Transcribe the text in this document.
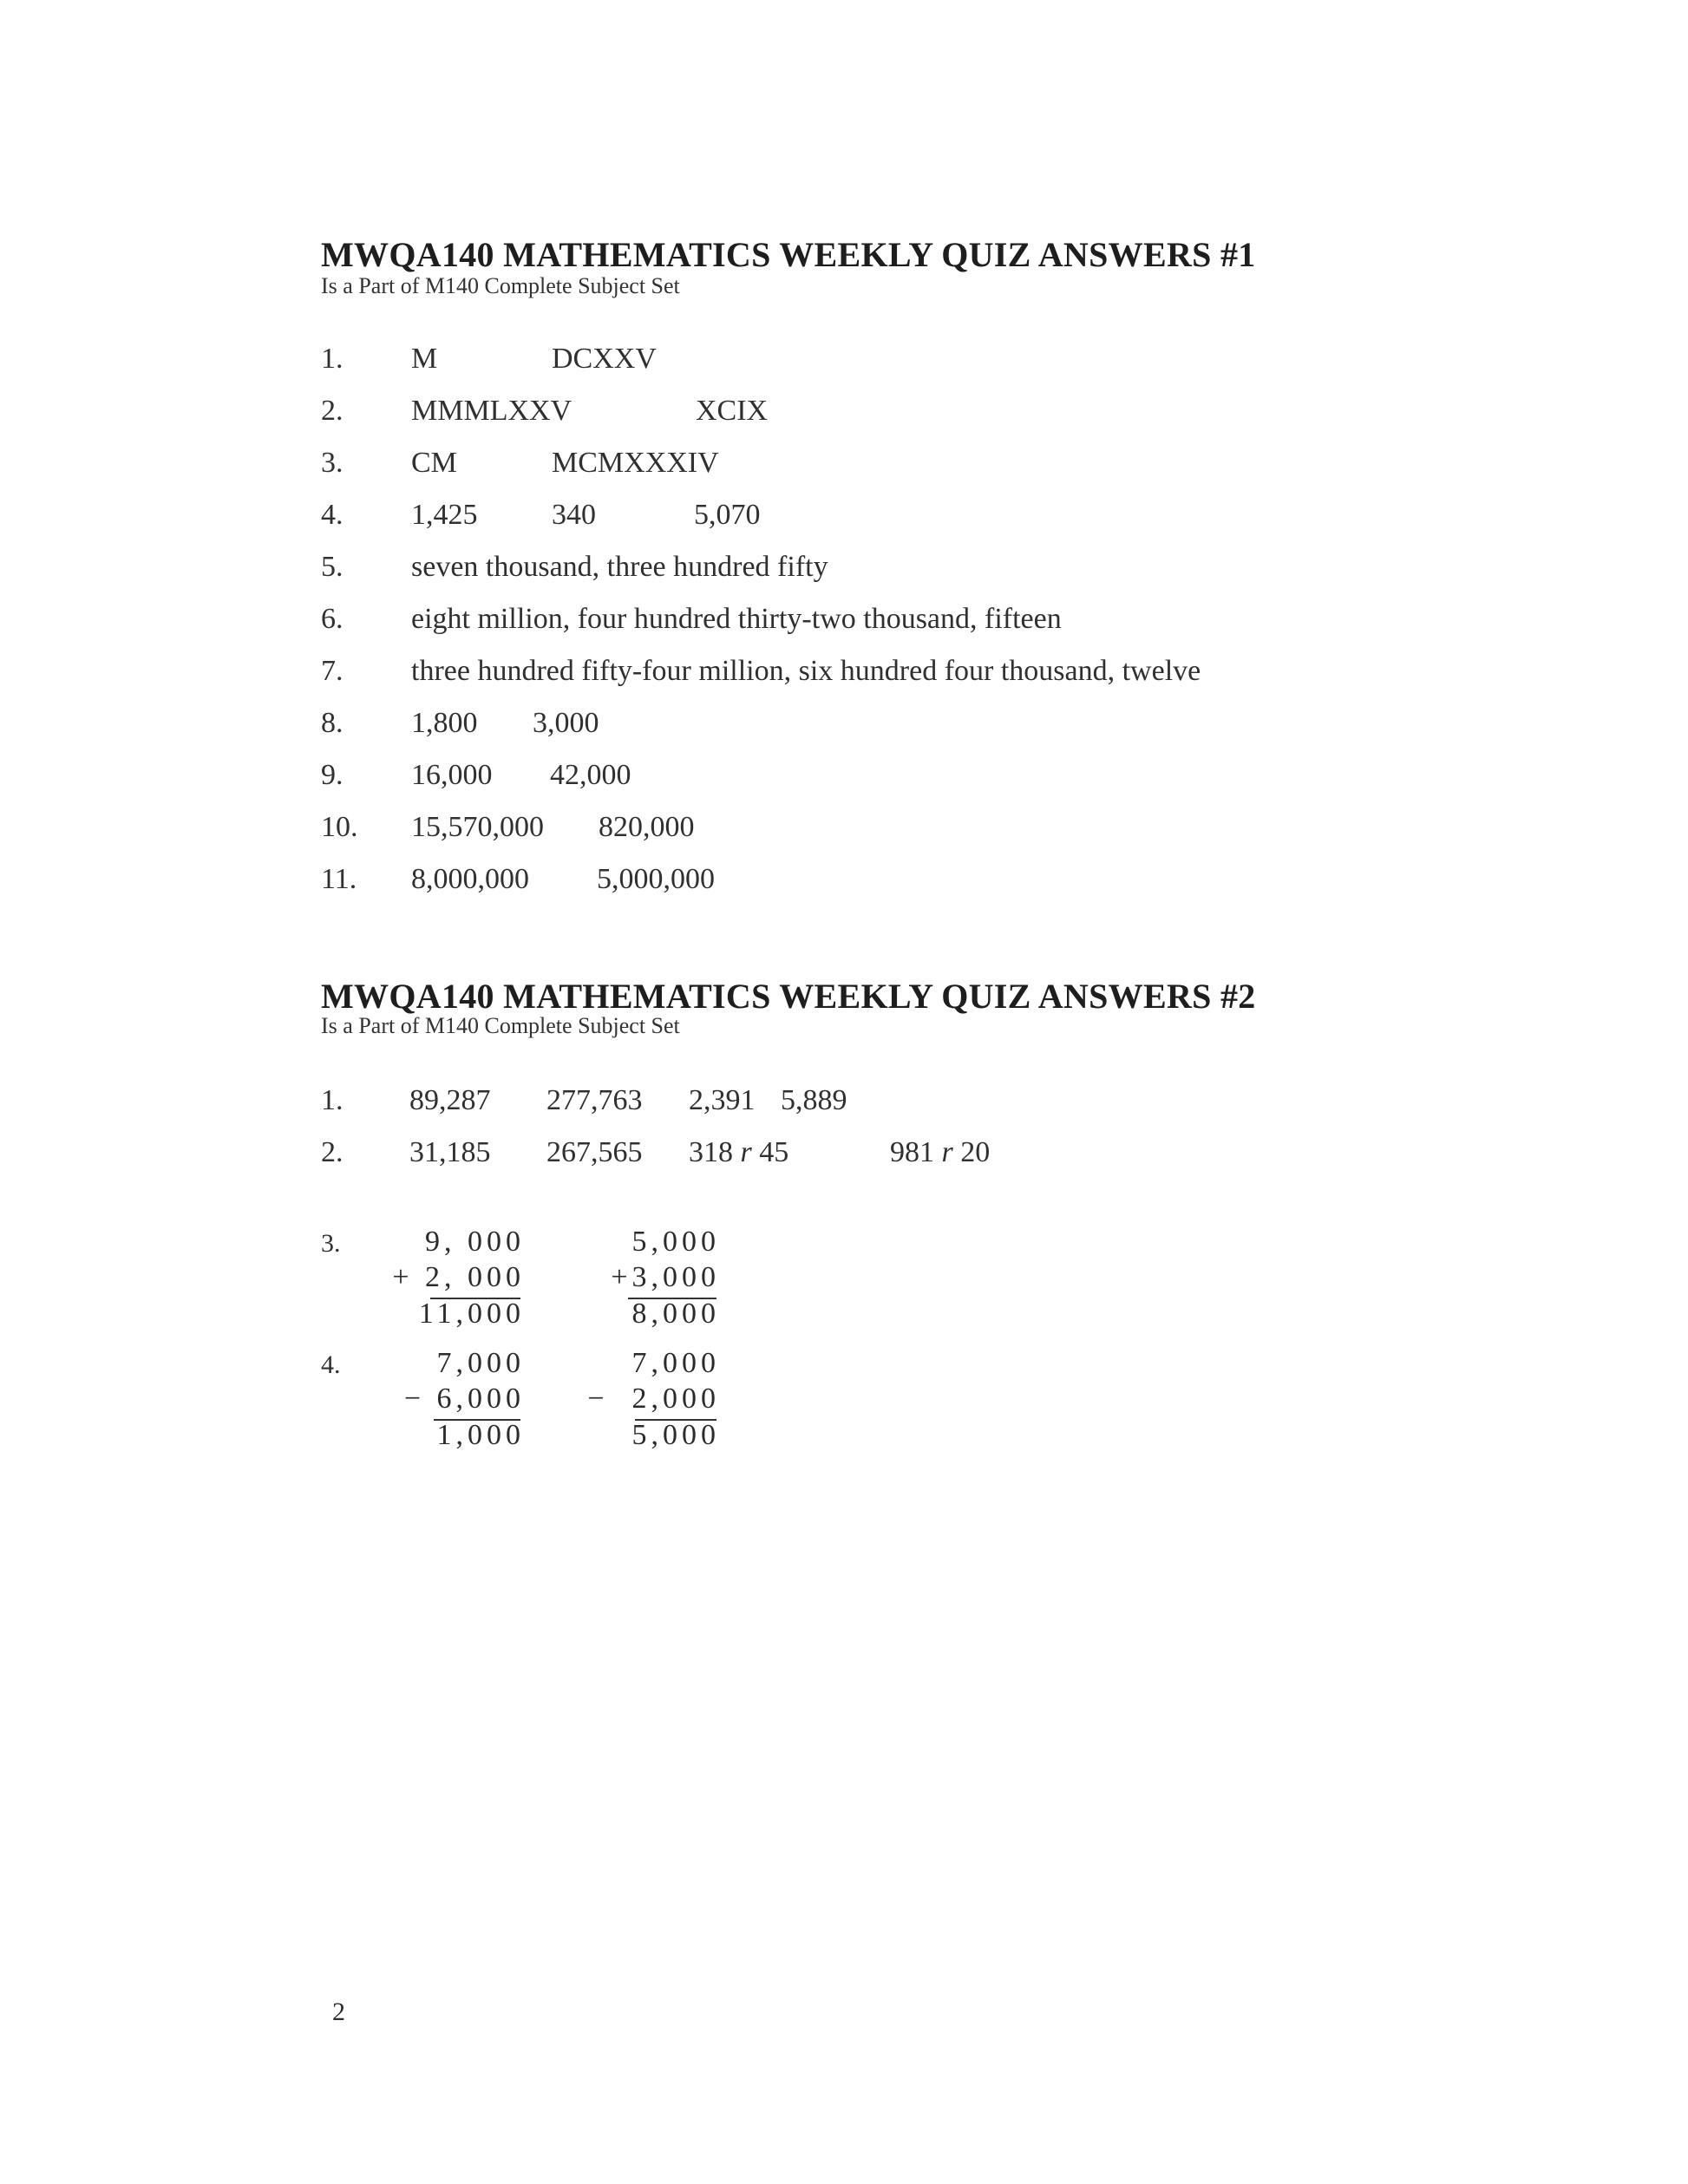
MWQA140 MATHEMATICS WEEKLY QUIZ ANSWERS #1
Is a Part of M140 Complete Subject Set
1. M	DCXXV
2. MMMLXXV	XCIX
3. CM	MCMXXXIV
4. 1,425	340	5,070
5. seven thousand, three hundred fifty
6. eight million, four hundred thirty-two thousand, fifteen
7. three hundred fifty-four million, six hundred four thousand, twelve
8. 1,800 3,000
9. 16,000 42,000
10. 15,570,000 820,000
11. 8,000,000 5,000,000
MWQA140 MATHEMATICS WEEKLY QUIZ ANSWERS #2
Is a Part of M140 Complete Subject Set
1. 89,287 277,763 2,391 5,889
2. 31,185 267,565 318 r 45	981 r 20
3.	9, 000
+ 2, 000
11,000
5,000
+3,000
8,000
4.	7,000
− 6,000
1,000
7,000
− 2,000
5,000
2
